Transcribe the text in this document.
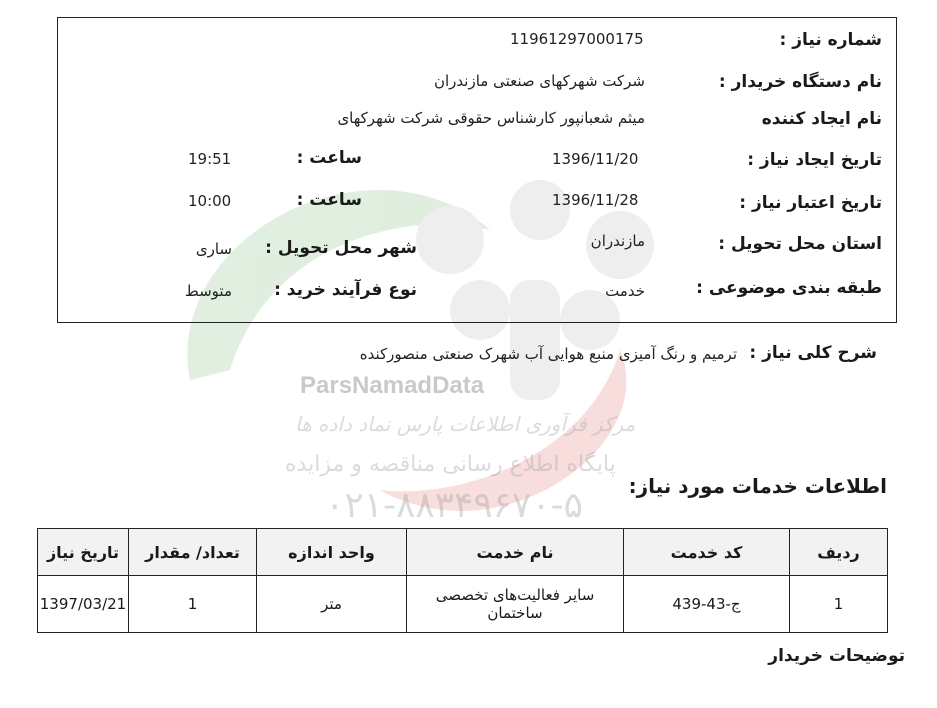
ParsNamadData
مرکز فرآوری اطلاعات پارس نماد داده ها
پایگاه اطلاع رسانی مناقصه و مزایده
۰۲۱-۸۸۳۴۹۶۷۰-۵
شماره نیاز :
11961297000175
نام دستگاه خریدار :
شرکت شهرکهای صنعتی مازندران
نام ایجاد کننده
میثم شعبانپور کارشناس حقوقی شرکت شهرکهای
تاریخ ایجاد نیاز :
1396/11/20
ساعت :
19:51
تاریخ اعتبار نیاز :
1396/11/28
ساعت :
10:00
استان محل تحویل :
مازندران
شهر محل تحویل :
ساری
طبقه بندی موضوعی :
خدمت
نوع فرآیند خرید :
متوسط
شرح کلی نیاز :
ترمیم و رنگ آمیزی منبع هوایی آب شهرک صنعتی منصورکنده
اطلاعات خدمات مورد نیاز:
ردیف	کد خدمت	نام خدمت	واحد اندازه	تعداد/ مقدار	تاریخ نیاز
1	ج-43-439	سایر فعالیت‌های تخصصی ساختمان	متر	1	1397/03/21
توضیحات خریدار
